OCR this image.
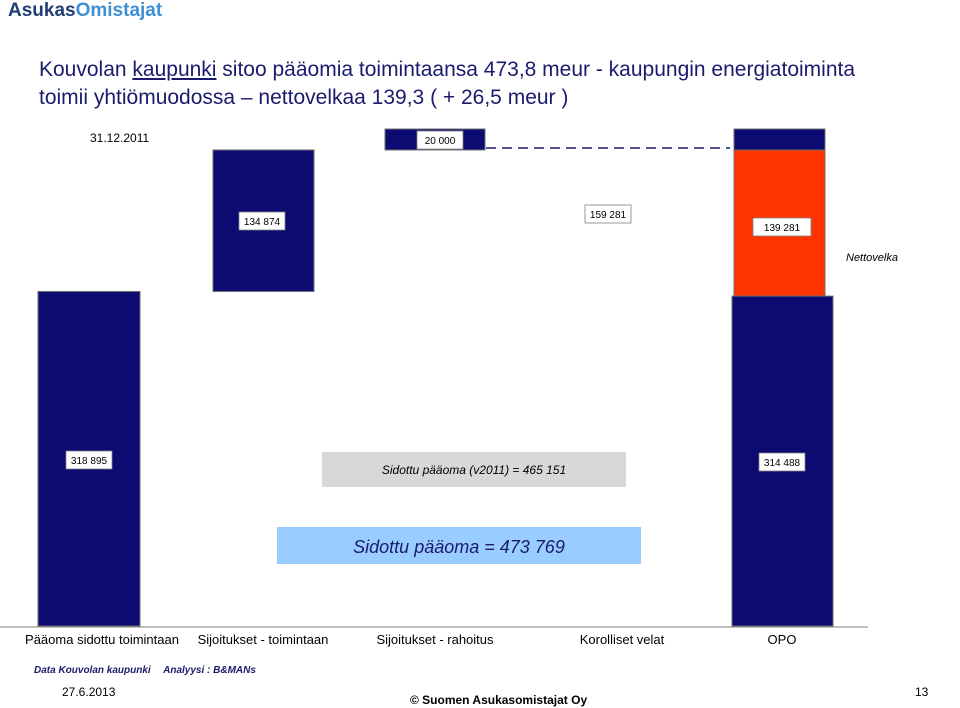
AsukasOmistajat
Kouvolan kaupunki sitoo pääomia toimintaansa 473,8 meur - kaupungin energiatoiminta
toimii yhtiömuodossa – nettovelkaa 139,3 ( + 26,5 meur )
31.12.2011
318 895
134 874
20 000
159 281
139 281
314 488
Nettovelka
Sidottu pääoma (v2011) = 465 151
Sidottu pääoma = 473 769
Pääoma sidottu toimintaan Sijoitukset - toimintaan	Sijoitukset - rahoitus	Korolliset velat	OPO
Data Kouvolan kaupunki Analyysi : B&MANs
27.6.2013
© Suomen Asukasomistajat Oy
13
